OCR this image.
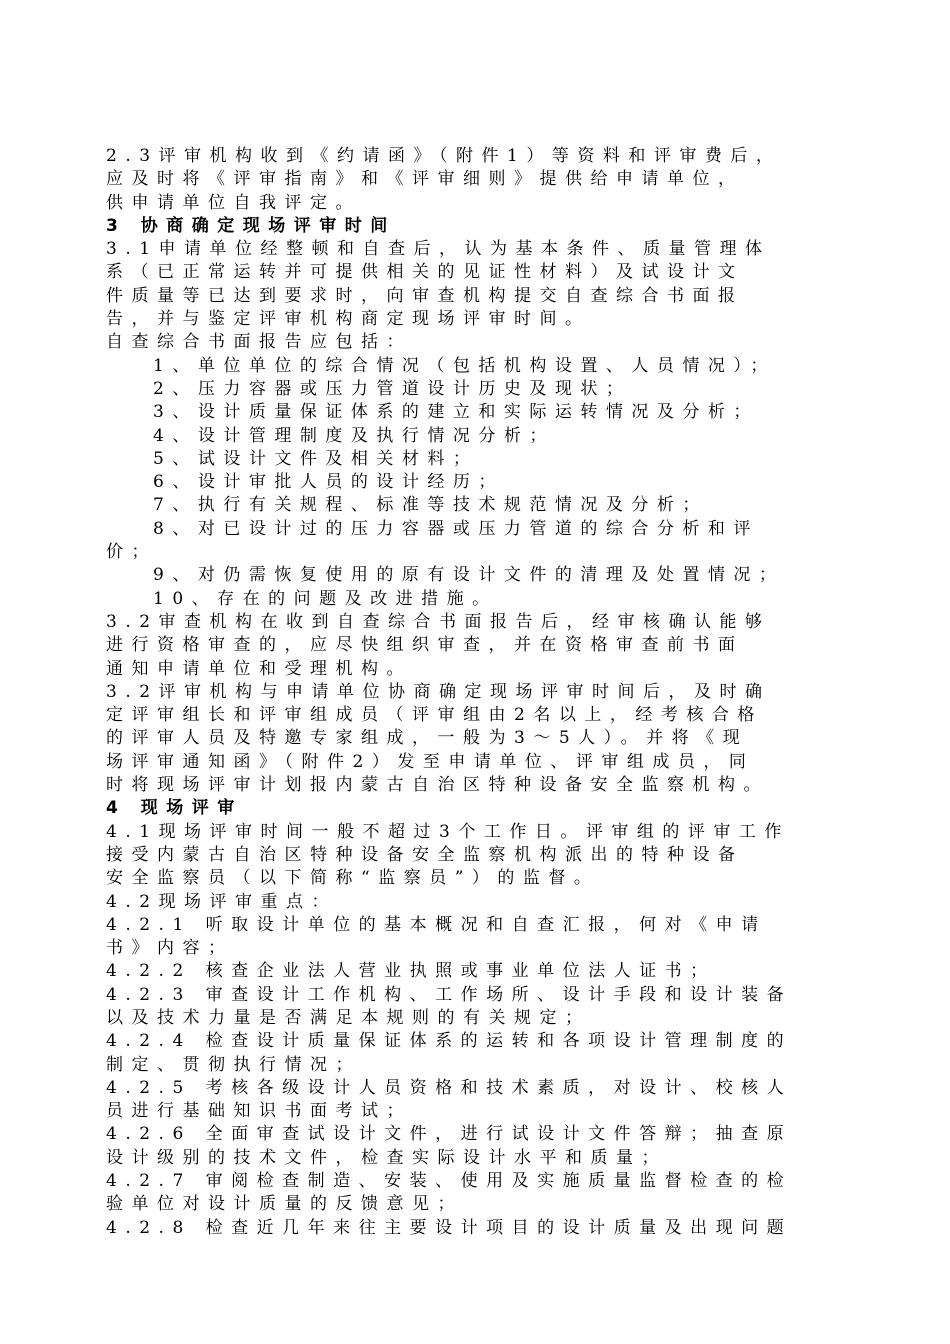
2.3评审机构收到《约请函》（附件1）等资料和评审费后，
应及时将《评审指南》和《评审细则》提供给申请单位，
供申请单位自我评定。
3 协商确定现场评审时间
3.1申请单位经整顿和自查后，认为基本条件、质量管理体
系（已正常运转并可提供相关的见证性材料）及试设计文
件质量等已达到要求时，向审查机构提交自查综合书面报
告，并与鉴定评审机构商定现场评审时间。
自查综合书面报告应包括：
1、单位单位的综合情况（包括机构设置、人员情况）；
2、压力容器或压力管道设计历史及现状；
3、设计质量保证体系的建立和实际运转情况及分析；
4、设计管理制度及执行情况分析；
5、试设计文件及相关材料；
6、设计审批人员的设计经历；
7、执行有关规程、标准等技术规范情况及分析；
8、对已设计过的压力容器或压力管道的综合分析和评
价；
9、对仍需恢复使用的原有设计文件的清理及处置情况；
10、存在的问题及改进措施。
3.2审查机构在收到自查综合书面报告后，经审核确认能够
进行资格审查的，应尽快组织审查，并在资格审查前书面
通知申请单位和受理机构。
3.2评审机构与申请单位协商确定现场评审时间后，及时确
定评审组长和评审组成员（评审组由2名以上，经考核合格
的评审人员及特邀专家组成，一般为3～5人）。并将《现
场评审通知函》（附件2）发至申请单位、评审组成员，同
时将现场评审计划报内蒙古自治区特种设备安全监察机构。
4 现场评审
4.1现场评审时间一般不超过3个工作日。评审组的评审工作
接受内蒙古自治区特种设备安全监察机构派出的特种设备
安全监察员（以下简称“监察员”）的监督。
4.2现场评审重点：
4.2.1 听取设计单位的基本概况和自查汇报，何对《申请
书》内容；
4.2.2 核查企业法人营业执照或事业单位法人证书；
4.2.3 审查设计工作机构、工作场所、设计手段和设计装备
以及技术力量是否满足本规则的有关规定；
4.2.4 检查设计质量保证体系的运转和各项设计管理制度的
制定、贯彻执行情况；
4.2.5 考核各级设计人员资格和技术素质，对设计、校核人
员进行基础知识书面考试；
4.2.6 全面审查试设计文件，进行试设计文件答辩；抽查原
设计级别的技术文件，检查实际设计水平和质量；
4.2.7 审阅检查制造、安装、使用及实施质量监督检查的检
验单位对设计质量的反馈意见；
4.2.8 检查近几年来往主要设计项目的设计质量及出现问题
